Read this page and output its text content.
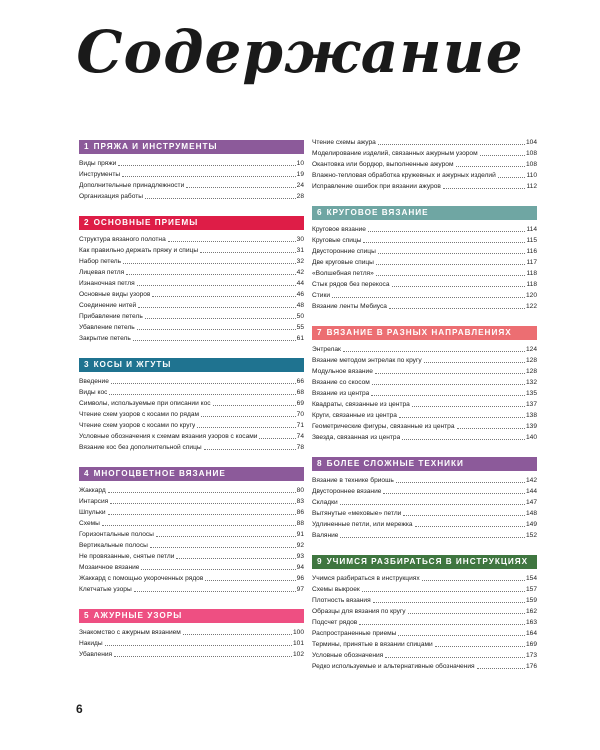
Содержание
1 ПРЯЖА И ИНСТРУМЕНТЫ
Виды пряжи	10
Инструменты	19
Дополнительные принадлежности	24
Организация работы	28
2 ОСНОВНЫЕ ПРИЕМЫ
Структура вязаного полотна	30
Как правильно держать пряжу и спицы	31
Набор петель	32
Лицевая петля	42
Изнаночная петля	44
Основные виды узоров	46
Соединение нитей	48
Прибавление петель	50
Убавление петель	55
Закрытие петель	61
3 КОСЫ И ЖГУТЫ
Введение	66
Виды кос	68
Символы, используемые при описании кос	69
Чтение схем узоров с косами по рядам	70
Чтение схем узоров с косами по кругу	71
Условные обозначения к схемам вязания узоров с косами	74
Вязание кос без дополнительной спицы	78
4 МНОГОЦВЕТНОЕ ВЯЗАНИЕ
Жаккард	80
Интарсия	83
Шпульки	86
Схемы	88
Горизонтальные полосы	91
Вертикальные полосы	92
Не провязанные, снятые петли	93
Мозаичное вязание	94
Жаккард с помощью укороченных рядов	96
Клетчатые узоры	97
5 АЖУРНЫЕ УЗОРЫ
Знакомство с ажурным вязанием	100
Накиды	101
Убавления	102
Чтение схемы ажура	104
Моделирование изделий, связанных ажурным узором	108
Окантовка или бордюр, выполненные ажуром	108
Влажно-тепловая обработка кружевных и ажурных изделий	110
Исправление ошибок при вязании ажуров	112
6 КРУГОВОЕ ВЯЗАНИЕ
Круговое вязание	114
Круговые спицы	115
Двусторонние спицы	116
Две круговые спицы	117
«Волшебная петля»	118
Стык рядов без перекоса	118
Стики	120
Вязание ленты Мебиуса	122
7 ВЯЗАНИЕ В РАЗНЫХ НАПРАВЛЕНИЯХ
Энтрелак	124
Вязание методом энтрелак по кругу	128
Модульное вязание	128
Вязание со скосом	132
Вязание из центра	135
Квадраты, связанные из центра	137
Круги, связанные из центра	138
Геометрические фигуры, связанные из центра	139
Звезда, связанная из центра	140
8 БОЛЕЕ СЛОЖНЫЕ ТЕХНИКИ
Вязание в технике бриошь	142
Двустороннее вязание	144
Складки	147
Вытянутые «меховые» петли	148
Удлиненные петли, или мережка	149
Валяние	152
9 УЧИМСЯ РАЗБИРАТЬСЯ В ИНСТРУКЦИЯХ
Учимся разбираться в инструкциях	154
Схемы выкроек	157
Плотность вязания	159
Образцы для вязания по кругу	162
Подсчет рядов	163
Распространенные приемы	164
Термины, принятые в вязании спицами	169
Условные обозначения	173
Редко используемые и альтернативные обозначения	176
6
